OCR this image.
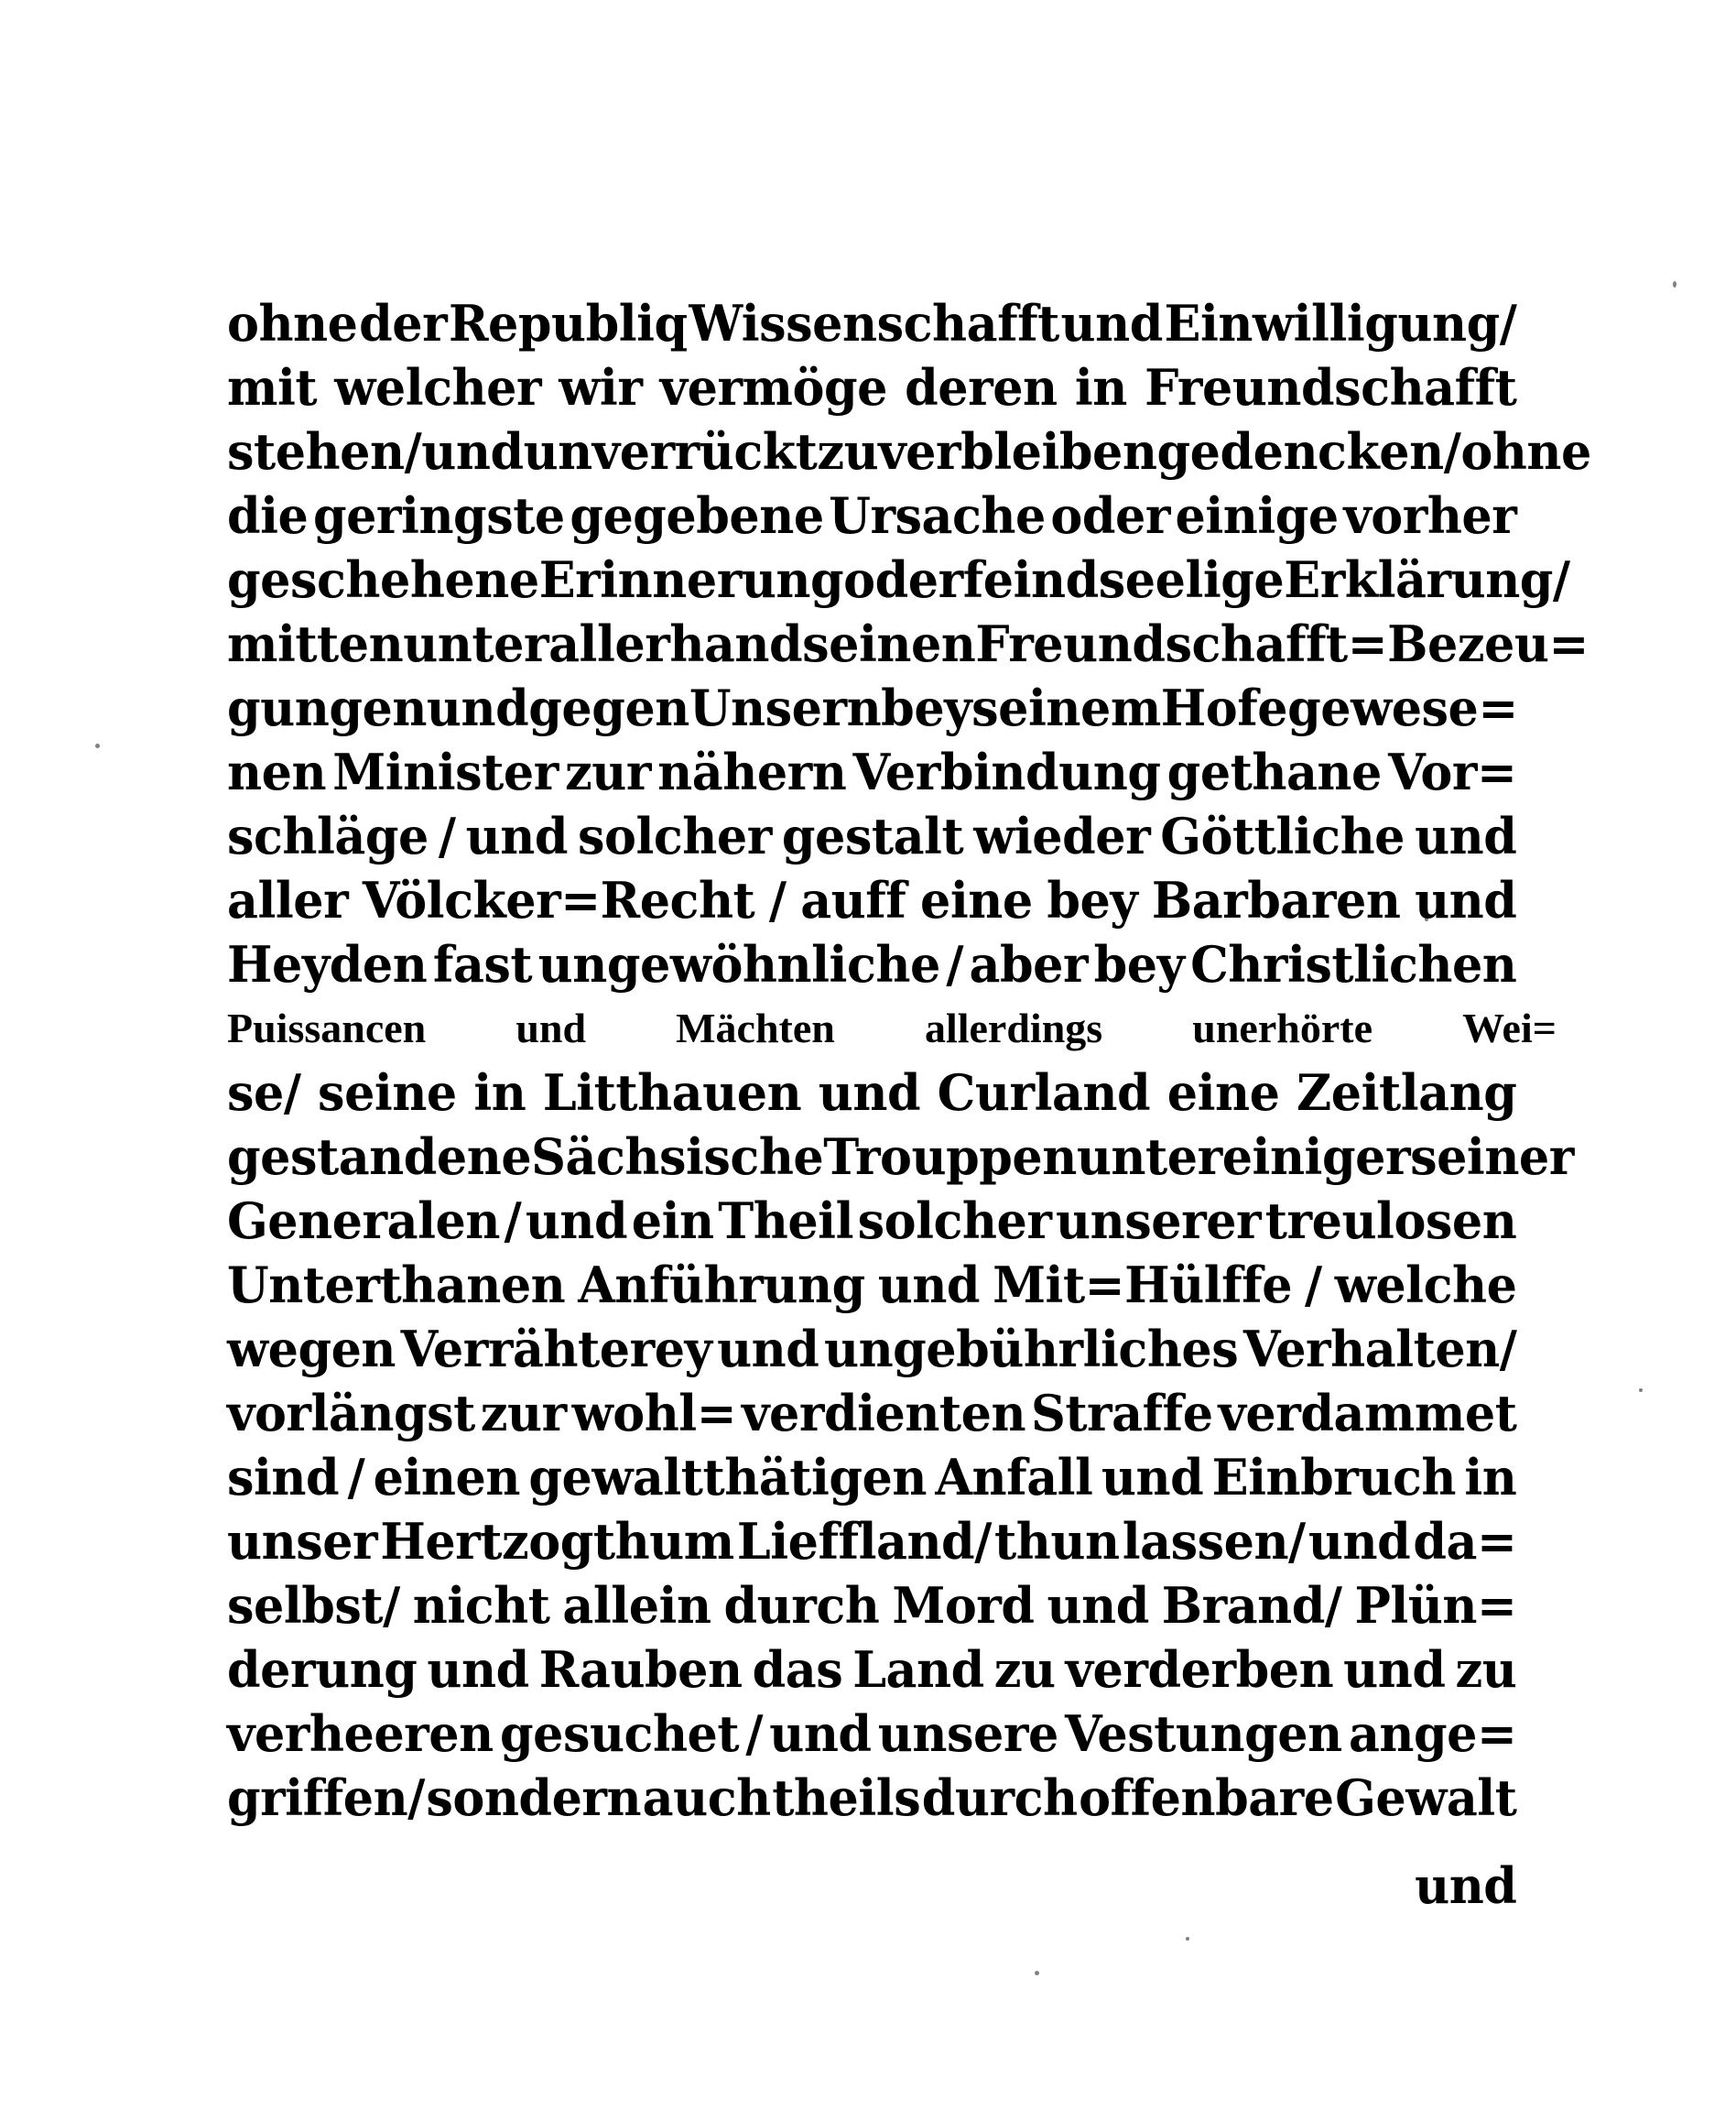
ohne der Republiq Wissenschafft und Einwilligung/
mit welcher wir vermöge deren in Freundschafft
stehen/ und unverrückt zu verbleiben gedencken/ ohne
die geringste gegebene Ursache oder einige vorher
geschehene Erinnerung oder feindseelige Erklärung/
mitten unter allerhand seinen Freundschafft=Bezeu=
gungen und gegen Unsern bey seinem Hofe gewese=
nen Minister zur nähern Verbindung gethane Vor=
schläge / und solcher gestalt wieder Göttliche und
aller Völcker=Recht / auff eine bey Barbaren und
Heyden fast ungewöhnliche / aber bey Christlichen
Puissancen und Mächten allerdings unerhörte Wei=
se/ seine in Litthauen und Curland eine Zeitlang
gestandene Sächsische Trouppen unter einiger seiner
Generalen / und ein Theil solcher unserer treulosen
Unterthanen Anführung und Mit=Hülffe / welche
wegen Verrähterey und ungebührliches Verhalten/
vorlängst zur wohl= verdienten Straffe verdammet
sind / einen gewaltthätigen Anfall und Einbruch in
unser Hertzogthum Lieffland/ thun lassen/ und da=
selbst/ nicht allein durch Mord und Brand/ Plün=
derung und Rauben das Land zu verderben und zu
verheeren gesuchet / und unsere Vestungen ange=
griffen/ sondern auch theils durch offenbare Gewalt
und
